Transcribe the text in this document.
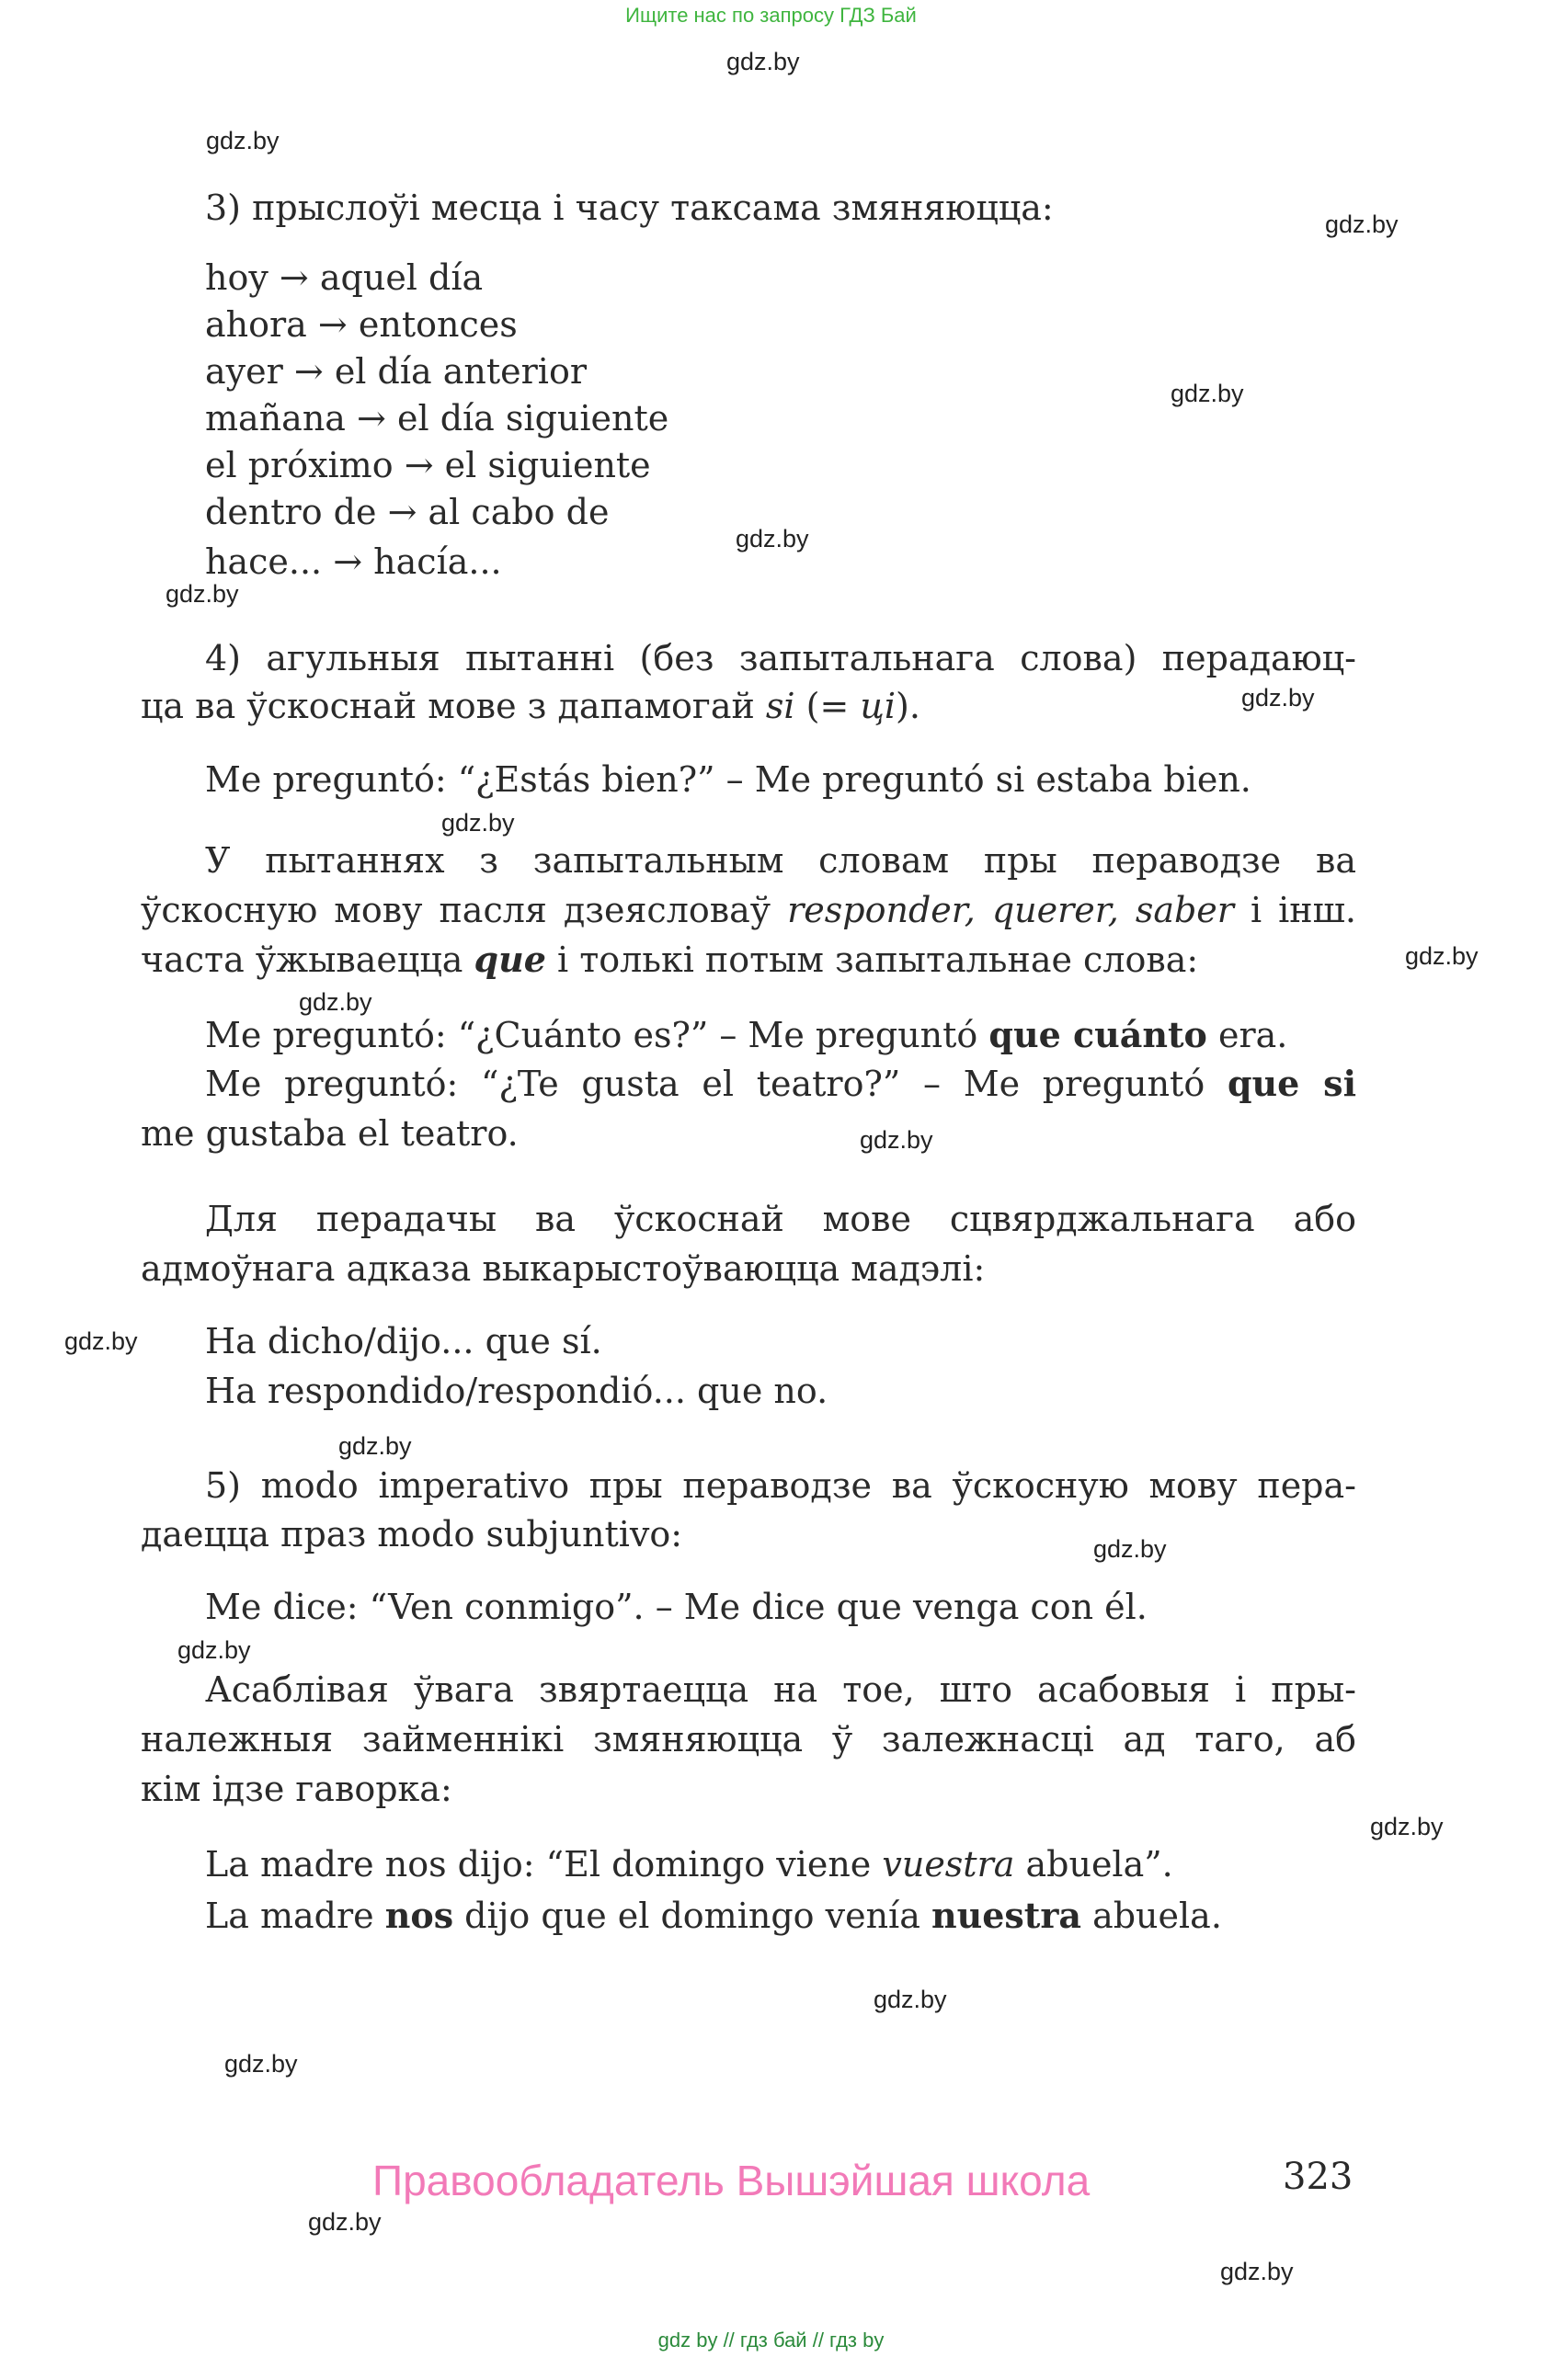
Ищите нас по запросу ГДЗ Бай
gdz.by
gdz.by
gdz.by
gdz.by
gdz.by
gdz.by
gdz.by
gdz.by
gdz.by
gdz.by
gdz.by
gdz.by
gdz.by
gdz.by
gdz.by
gdz.by
gdz.by
gdz.by
gdz.by
gdz.by
3) прыслоўі месца і часу таксама змяняюцца:
hoy → aquel día
ahora → entonces
ayer → el día anterior
mañana → el día siguiente
el próximo → el siguiente
dentro de → al cabo de
hace... → hacía...
4) агульныя пытанні (без запытальнага слова) перадаюц-
ца ва ўскоснай мове з дапамогай si (= ці).
Me preguntó: “¿Estás bien?” – Me preguntó si estaba bien.
У пытаннях з запытальным словам пры пераводзе ва
ўскосную мову пасля дзеясловаў responder, querer, saber і інш.
часта ўжываецца que і толькі потым запытальнае слова:
Me preguntó: “¿Cuánto es?” – Me preguntó que cuánto era.
Me preguntó: “¿Te gusta el teatro?” – Me preguntó que si
me gustaba el teatro.
Для перадачы ва ўскоснай мове сцвярджальнага або
адмоўнага адказа выкарыстоўваюцца мадэлі:
Ha dicho/dijo... que sí.
Ha respondido/respondió... que no.
5) modo imperativo пры пераводзе ва ўскосную мову пера-
даецца праз modo subjuntivo:
Me dice: “Ven conmigo”. – Me dice que venga con él.
Асаблівая ўвага звяртаецца на тое, што асабовыя і пры-
належныя займеннікі змяняюцца ў залежнасці ад таго, аб
кім ідзе гаворка:
La madre nos dijo: “El domingo viene vuestra abuela”.
La madre nos dijo que el domingo venía nuestra abuela.
Правообладатель Вышэйшая школа	323
gdz by // гдз бай // гдз by
